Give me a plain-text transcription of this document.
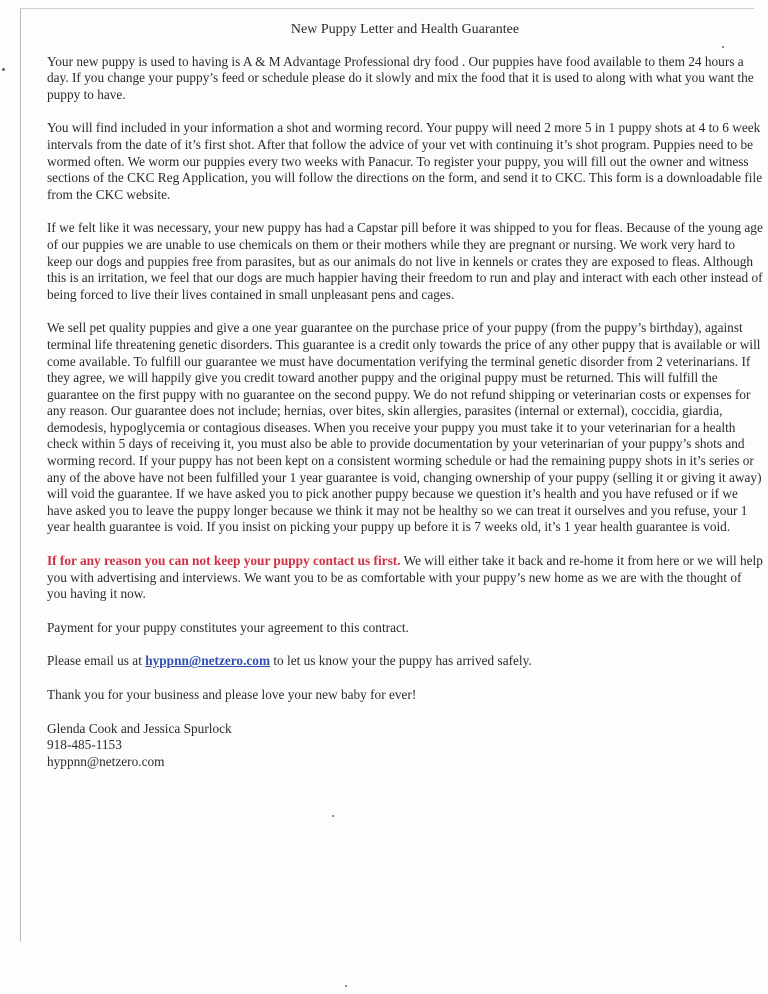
New Puppy Letter and Health Guarantee

Your new puppy is used to having is A & M Advantage Professional dry food . Our puppies have food available to them 24 hours a day. If you change your puppy’s feed or schedule please do it slowly and mix the food that it is used to along with what you want the puppy to have.

You will find included in your information a shot and worming record. Your puppy will need 2 more 5 in 1 puppy shots at 4 to 6 week intervals from the date of it’s first shot. After that follow the advice of your vet with continuing it’s shot program. Puppies need to be wormed often. We worm our puppies every two weeks with Panacur. To register your puppy, you will fill out the owner and witness sections of the CKC Reg Application, you will follow the directions on the form, and send it to CKC. This form is a downloadable file from the CKC website.

If we felt like it was necessary, your new puppy has had a Capstar pill before it was shipped to you for fleas. Because of the young age of our puppies we are unable to use chemicals on them or their mothers while they are pregnant or nursing. We work very hard to keep our dogs and puppies free from parasites, but as our animals do not live in kennels or crates they are exposed to fleas. Although this is an irritation, we feel that our dogs are much happier having their freedom to run and play and interact with each other instead of being forced to live their lives contained in small unpleasant pens and cages.

We sell pet quality puppies and give a one year guarantee on the purchase price of your puppy (from the puppy’s birthday), against terminal life threatening genetic disorders. This guarantee is a credit only towards the price of any other puppy that is available or will come available. To fulfill our guarantee we must have documentation verifying the terminal genetic disorder from 2 veterinarians. If they agree, we will happily give you credit toward another puppy and the original puppy must be returned. This will fulfill the guarantee on the first puppy with no guarantee on the second puppy. We do not refund shipping or veterinarian costs or expenses for any reason. Our guarantee does not include; hernias, over bites, skin allergies, parasites (internal or external), coccidia, giardia, demodesis, hypoglycemia or contagious diseases. When you receive your puppy you must take it to your veterinarian for a health check within 5 days of receiving it, you must also be able to provide documentation by your veterinarian of your puppy’s shots and worming record. If your puppy has not been kept on a consistent worming schedule or had the remaining puppy shots in it’s series or any of the above have not been fulfilled your 1 year guarantee is void, changing ownership of your puppy (selling it or giving it away) will void the guarantee. If we have asked you to pick another puppy because we question it’s health and you have refused or if we have asked you to leave the puppy longer because we think it may not be healthy so we can treat it ourselves and you refuse, your 1 year health guarantee is void. If you insist on picking your puppy up before it is 7 weeks old, it’s 1 year health guarantee is void.

If for any reason you can not keep your puppy contact us first. We will either take it back and re-home it from here or we will help you with advertising and interviews. We want you to be as comfortable with your puppy’s new home as we are with the thought of you having it now.

Payment for your puppy constitutes your agreement to this contract.

Please email us at hyppnn@netzero.com to let us know your the puppy has arrived safely.

Thank you for your business and please love your new baby for ever!

Glenda Cook and Jessica Spurlock
918-485-1153
hyppnn@netzero.com
